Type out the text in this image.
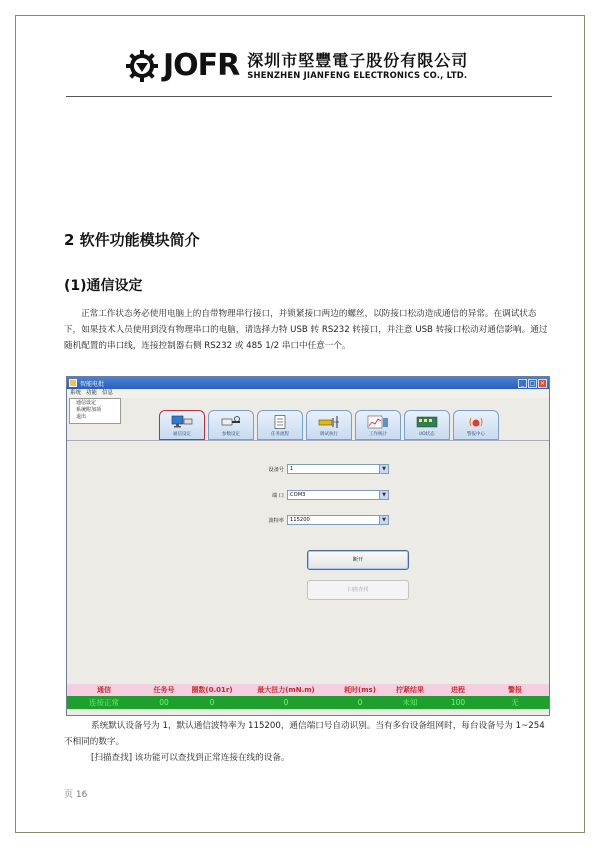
JOFR 深圳市堅豐電子股份有限公司
SHENZHEN JIANFENG ELECTRONICS CO., LTD.
2 软件功能模块简介
(1)通信设定
正常工作状态务必使用电脑上的自带物理串行接口，并锁紧接口两边的螺丝，以防接口松动造成通信的异常。在调试状态下，如果技术人员使用到没有物理串口的电脑，请选择力特 USB 转 RS232 转接口，并注意 USB 转接口松动对通信影响。通过随机配置的串口线，连接控制器右侧 RS232 或 485 1/2 串口中任意一个。
智能电批	_ □ ×
系统 功能 信息
通信设定
系统附加项
退出
通信设定	参数设定	任务流程	调试执行	工作统计	I/O状态	警报中心
设备号 1	▼
端 口 COM3	▼
波特率 115200	▼
断开
扫描查找
通信	任务号	圈数(0.01r)	最大扭力(mN.m)	耗时(ms)	拧紧结果	进程	警报
连接正常	00	0	0	0	未知	100	无
系统默认设备号为 1，默认通信波特率为 115200，通信端口号自动识别。当有多台设备组网时，每台设备号为 1~254 不相同的数字。
[扫描查找] 该功能可以查找到正常连接在线的设备。
页 16
